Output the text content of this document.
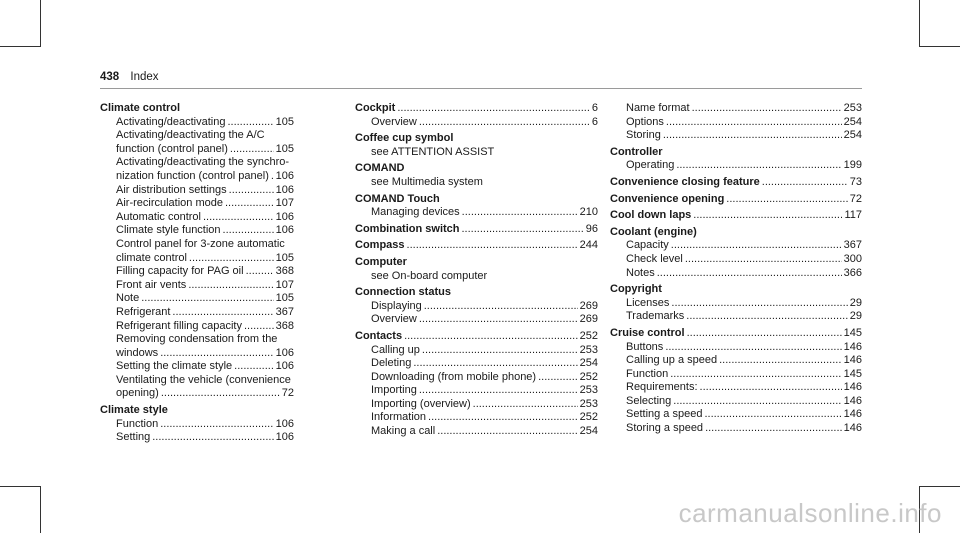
438 Index
Climate control
Activating/deactivating .....	105
Activating/deactivating the A/C
function (control panel) .....	105
Activating/deactivating the synchro-
nization function (control panel) ..... 106
Air distribution settings .....	106
Air-recirculation mode .....	107
Automatic control .....	106
Climate style function .....	106
Control panel for 3-zone automatic
climate control .....	105
Filling capacity for PAG oil .....	368
Front air vents .....	107
Note .....	105
Refrigerant .....	367
Refrigerant filling capacity .....	368
Removing condensation from the
windows .....	106
Setting the climate style .....	106
Ventilating the vehicle (convenience
opening) .....	72
Climate style
Function .....	106
Setting .....	106
Cockpit .....	6
Overview .....	6
Coffee cup symbol
see ATTENTION ASSIST
COMAND
see Multimedia system
COMAND Touch
Managing devices .....	210
Combination switch .....	96
Compass .....	244
Computer
see On-board computer
Connection status
Displaying .....	269
Overview .....	269
Contacts .....	252
Calling up .....	253
Deleting .....	254
Downloading (from mobile phone) .....	252
Importing .....	253
Importing (overview) .....	253
Information .....	252
Making a call .....	254
Name format .....	253
Options .....	254
Storing .....	254
Controller
Operating .....	199
Convenience closing feature .....	73
Convenience opening .....	72
Cool down laps .....	117
Coolant (engine)
Capacity .....	367
Check level .....	300
Notes .....	366
Copyright
Licenses .....	29
Trademarks .....	29
Cruise control .....	145
Buttons .....	146
Calling up a speed .....	146
Function .....	145
Requirements: .....	146
Selecting .....	146
Setting a speed .....	146
Storing a speed .....	146
carmanualsonline.info
